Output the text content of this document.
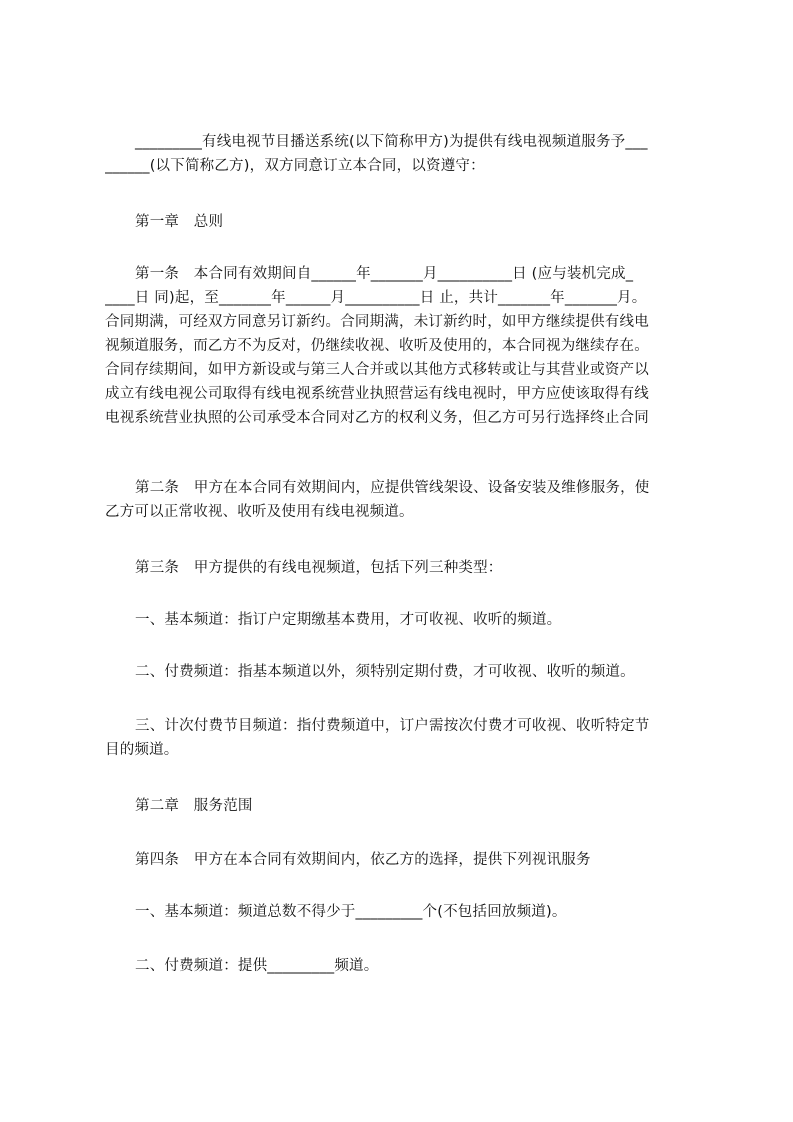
_________有线电视节目播送系统(以下简称甲方)为提供有线电视频道服务予___
______(以下简称乙方)，双方同意订立本合同，以资遵守：
第一章　总则
第一条　本合同有效期间自______年_______月__________日 (应与装机完成_
____日 同)起，至_______年______月__________日 止，共计_______年_______月。
合同期满，可经双方同意另订新约。合同期满，未订新约时，如甲方继续提供有线电
视频道服务，而乙方不为反对，仍继续收视、收听及使用的，本合同视为继续存在。
合同存续期间，如甲方新设或与第三人合并或以其他方式移转或让与其营业或资产以
成立有线电视公司取得有线电视系统营业执照营运有线电视时，甲方应使该取得有线
电视系统营业执照的公司承受本合同对乙方的权利义务，但乙方可另行选择终止合同
第二条　甲方在本合同有效期间内，应提供管线架设、设备安装及维修服务，使
乙方可以正常收视、收听及使用有线电视频道。
第三条　甲方提供的有线电视频道，包括下列三种类型：
一、基本频道：指订户定期缴基本费用，才可收视、收听的频道。
二、付费频道：指基本频道以外，须特别定期付费，才可收视、收听的频道。
三、计次付费节目频道：指付费频道中，订户需按次付费才可收视、收听特定节
目的频道。
第二章　服务范围
第四条　甲方在本合同有效期间内，依乙方的选择，提供下列视讯服务
一、基本频道：频道总数不得少于_________个(不包括回放频道)。
二、付费频道：提供_________频道。
